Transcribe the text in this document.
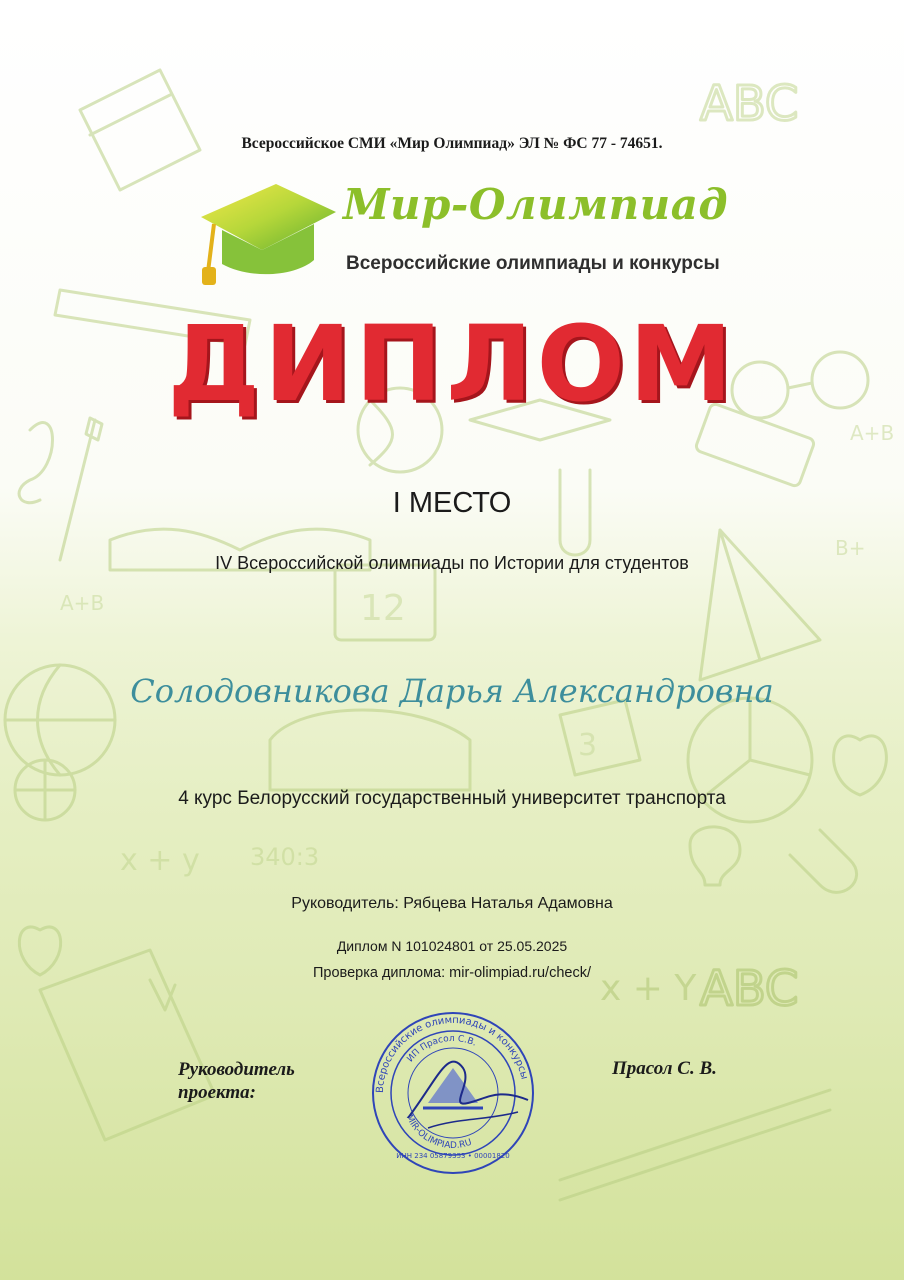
ABC
ABC
12
3
x + y 340:3
x + Y
A+B
B+
A+B
Всероссийское СМИ «Мир Олимпиад» ЭЛ № ФС 77 - 74651.
Мир-Олимпиад
Всероссийские олимпиады и конкурсы
ДИПЛОМ
I МЕСТО
IV Всероссийской олимпиады по Истории для студентов
Солодовникова Дарья Александровна
4 курс Белорусский государственный университет транспорта
Руководитель: Рябцева Наталья Адамовна
Диплом N 101024801 от 25.05.2025
Проверка диплома: mir-olimpiad.ru/check/
Руководитель проекта:
Прасол С. В.
Всероссийские олимпиады и конкурсы
ИП Прасол С.В.
MIR-OLIMPIAD.RU
ИНН 234 05879353 • 00001820
